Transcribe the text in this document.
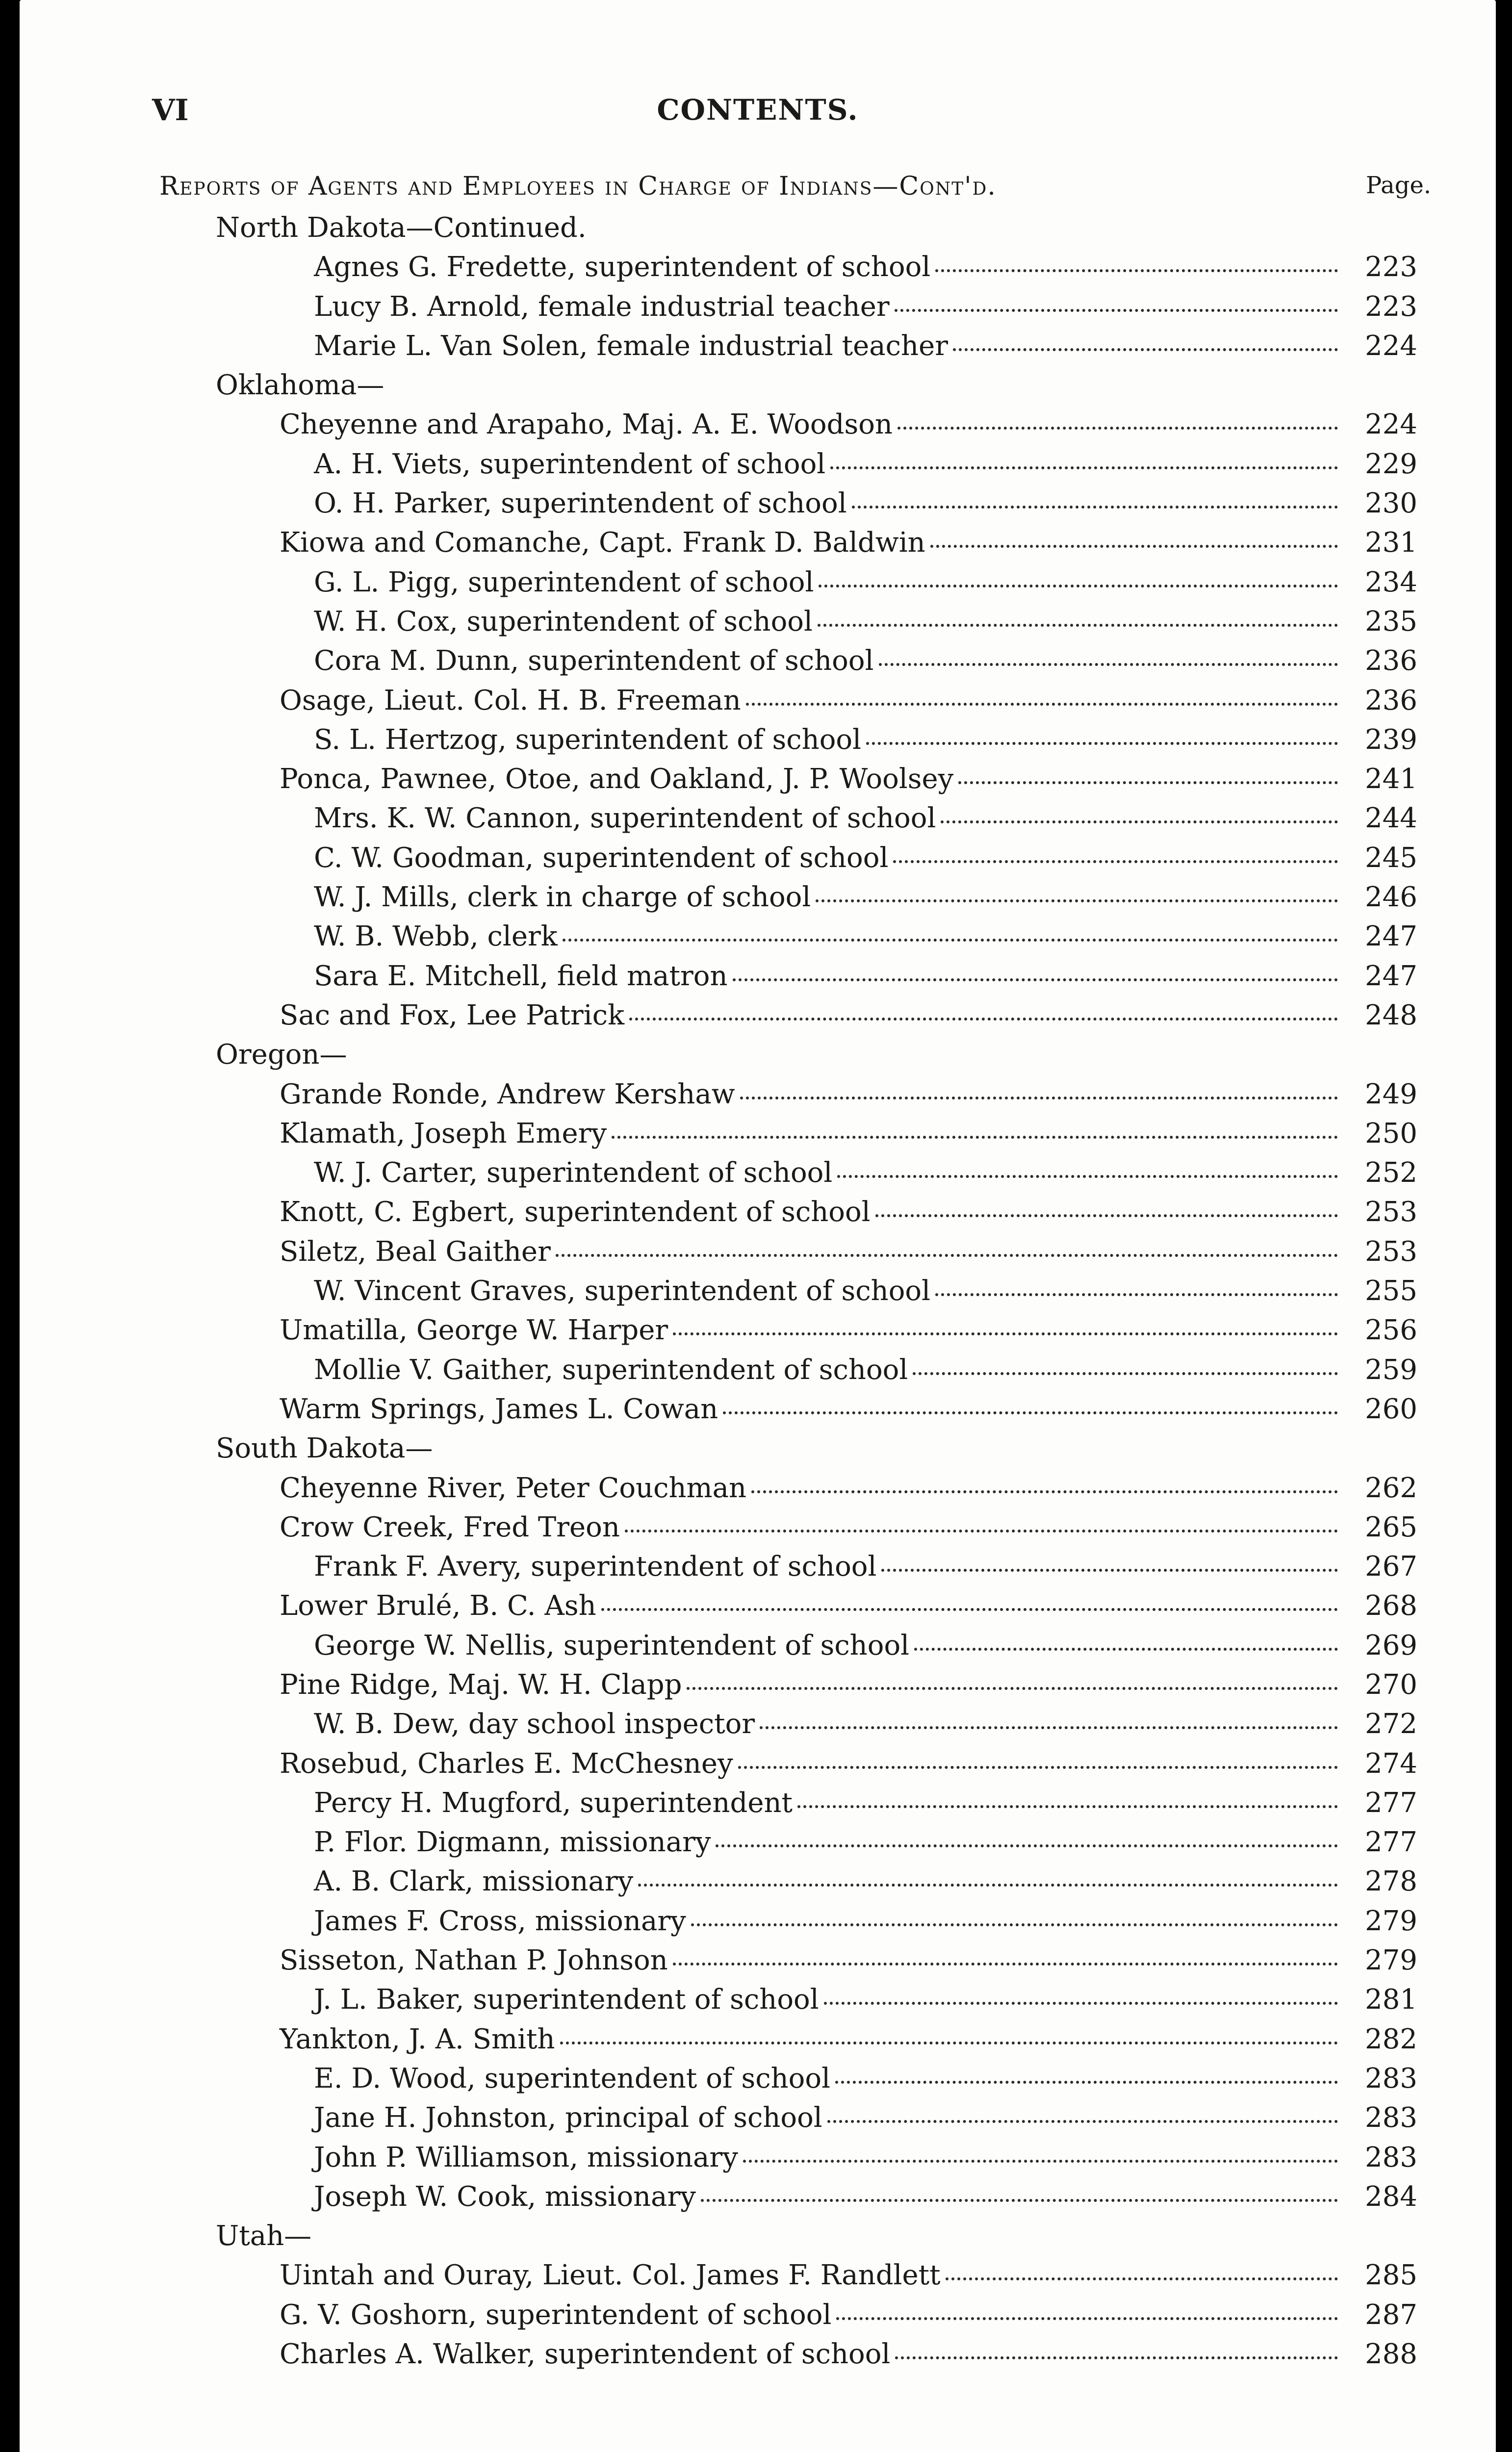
VI	CONTENTS.
Reports of Agents and Employees in Charge of Indians—Cont'd.	Page.
North Dakota—Continued.
Agnes G. Fredette, superintendent of school	223
Lucy B. Arnold, female industrial teacher	223
Marie L. Van Solen, female industrial teacher	224
Oklahoma—
Cheyenne and Arapaho, Maj. A. E. Woodson	224
A. H. Viets, superintendent of school	229
O. H. Parker, superintendent of school	230
Kiowa and Comanche, Capt. Frank D. Baldwin	231
G. L. Pigg, superintendent of school	234
W. H. Cox, superintendent of school	235
Cora M. Dunn, superintendent of school	236
Osage, Lieut. Col. H. B. Freeman	236
S. L. Hertzog, superintendent of school	239
Ponca, Pawnee, Otoe, and Oakland, J. P. Woolsey	241
Mrs. K. W. Cannon, superintendent of school	244
C. W. Goodman, superintendent of school	245
W. J. Mills, clerk in charge of school	246
W. B. Webb, clerk	247
Sara E. Mitchell, field matron	247
Sac and Fox, Lee Patrick	248
Oregon—
Grande Ronde, Andrew Kershaw	249
Klamath, Joseph Emery	250
W. J. Carter, superintendent of school	252
Knott, C. Egbert, superintendent of school	253
Siletz, Beal Gaither	253
W. Vincent Graves, superintendent of school	255
Umatilla, George W. Harper	256
Mollie V. Gaither, superintendent of school	259
Warm Springs, James L. Cowan	260
South Dakota—
Cheyenne River, Peter Couchman	262
Crow Creek, Fred Treon	265
Frank F. Avery, superintendent of school	267
Lower Brulé, B. C. Ash	268
George W. Nellis, superintendent of school	269
Pine Ridge, Maj. W. H. Clapp	270
W. B. Dew, day school inspector	272
Rosebud, Charles E. McChesney	274
Percy H. Mugford, superintendent	277
P. Flor. Digmann, missionary	277
A. B. Clark, missionary	278
James F. Cross, missionary	279
Sisseton, Nathan P. Johnson	279
J. L. Baker, superintendent of school	281
Yankton, J. A. Smith	282
E. D. Wood, superintendent of school	283
Jane H. Johnston, principal of school	283
John P. Williamson, missionary	283
Joseph W. Cook, missionary	284
Utah—
Uintah and Ouray, Lieut. Col. James F. Randlett	285
G. V. Goshorn, superintendent of school	287
Charles A. Walker, superintendent of school	288
